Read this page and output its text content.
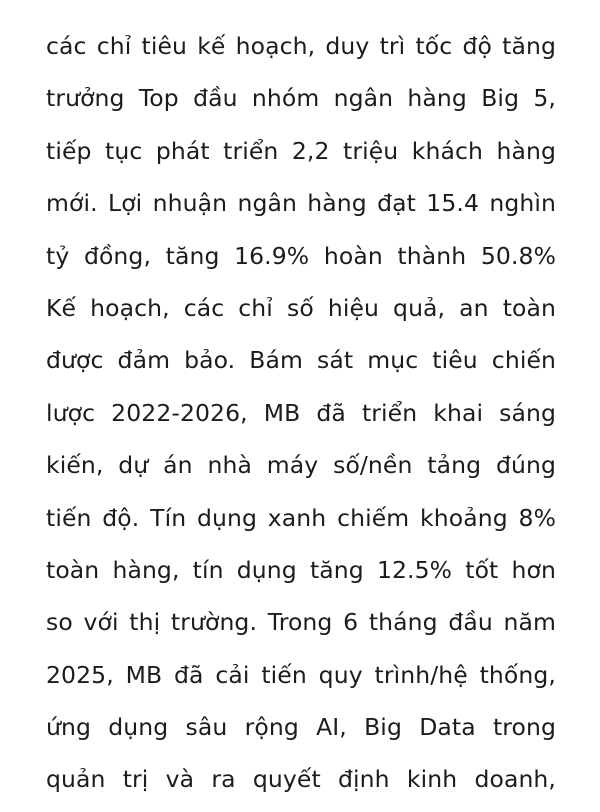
các chỉ tiêu kế hoạch, duy trì tốc độ tăng
trưởng Top đầu nhóm ngân hàng Big 5,
tiếp tục phát triển 2,2 triệu khách hàng
mới. Lợi nhuận ngân hàng đạt 15.4 nghìn
tỷ đồng, tăng 16.9% hoàn thành 50.8%
Kế hoạch, các chỉ số hiệu quả, an toàn
được đảm bảo. Bám sát mục tiêu chiến
lược 2022-2026, MB đã triển khai sáng
kiến, dự án nhà máy số/nền tảng đúng
tiến độ. Tín dụng xanh chiếm khoảng 8%
toàn hàng, tín dụng tăng 12.5% tốt hơn
so với thị trường. Trong 6 tháng đầu năm
2025, MB đã cải tiến quy trình/hệ thống,
ứng dụng sâu rộng AI, Big Data trong
quản trị và ra quyết định kinh doanh,
